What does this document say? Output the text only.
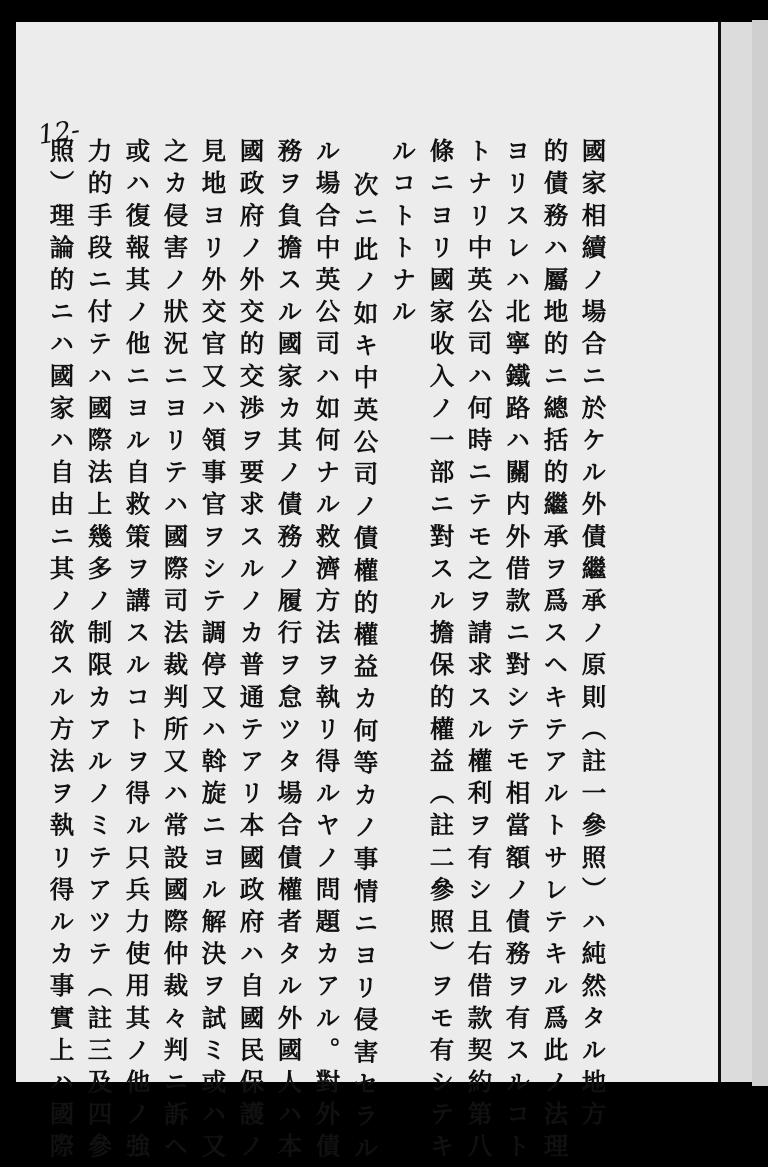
12-
國家相續ノ場合ニ於ケル外債繼承ノ原則（註一參照）ハ純然タル地方
的債務ハ屬地的ニ總括的繼承ヲ爲スヘキテアルトサレテキル爲此ノ法理
ヨリスレハ北寧鐵路ハ關内外借款ニ對シテモ相當額ノ債務ヲ有スルコト
トナリ中英公司ハ何時ニテモ之ヲ請求スル權利ヲ有シ且右借款契約第八
條ニヨリ國家收入ノ一部ニ對スル擔保的權益（註二參照）ヲモ有シテキ
ルコトトナル
次ニ此ノ如キ中英公司ノ債權的權益カ何等カノ事情ニヨリ侵害セラル
ル場合中英公司ハ如何ナル救濟方法ヲ執リ得ルヤノ問題カアル。對外債
務ヲ負擔スル國家カ其ノ債務ノ履行ヲ怠ツタ場合債權者タル外國人ハ本
國政府ノ外交的交渉ヲ要求スルノカ普通テアリ本國政府ハ自國民保護ノ
見地ヨリ外交官又ハ領事官ヲシテ調停又ハ斡旋ニヨル解決ヲ試ミ或ハ又
之カ侵害ノ狀況ニヨリテハ國際司法裁判所又ハ常設國際仲裁々判ニ訴ヘ
或ハ復報其ノ他ニヨル自救策ヲ講スルコトヲ得ル只兵力使用其ノ他ノ強
力的手段ニ付テハ國際法上幾多ノ制限カアルノミテアツテ（註三及四參
照）理論的ニハ國家ハ自由ニ其ノ欲スル方法ヲ執リ得ルカ事實上ハ國際
